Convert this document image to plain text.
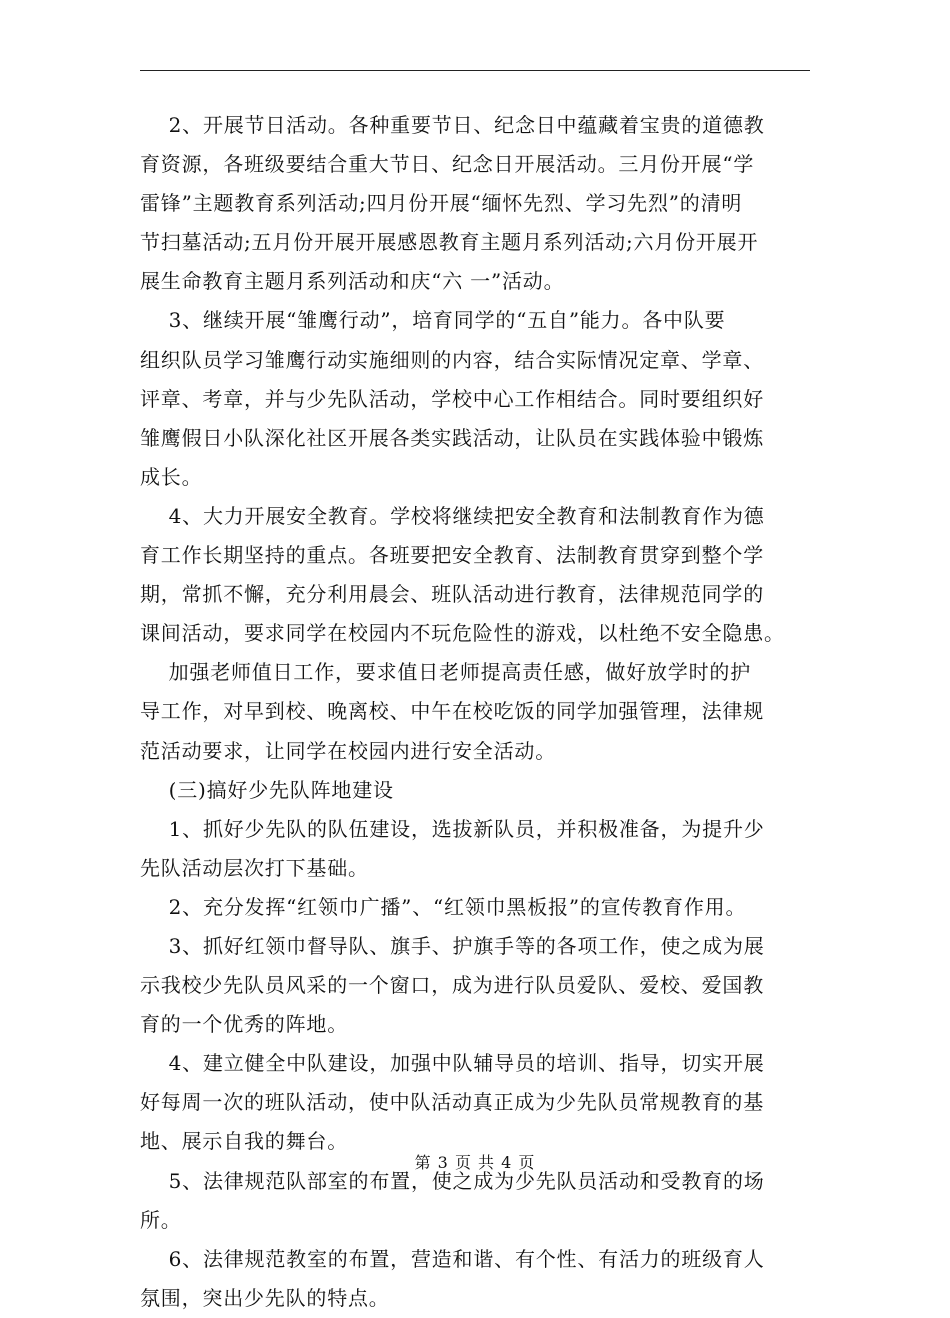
2、开展节日活动。各种重要节日、纪念日中蕴藏着宝贵的道德教
育资源，各班级要结合重大节日、纪念日开展活动。三月份开展“学
雷锋”主题教育系列活动;四月份开展“缅怀先烈、学习先烈”的清明
节扫墓活动;五月份开展开展感恩教育主题月系列活动;六月份开展开
展生命教育主题月系列活动和庆“六 一”活动。
3、继续开展“雏鹰行动”，培育同学的“五自”能力。各中队要
组织队员学习雏鹰行动实施细则的内容，结合实际情况定章、学章、
评章、考章，并与少先队活动，学校中心工作相结合。同时要组织好
雏鹰假日小队深化社区开展各类实践活动，让队员在实践体验中锻炼
成长。
4、大力开展安全教育。学校将继续把安全教育和法制教育作为德
育工作长期坚持的重点。各班要把安全教育、法制教育贯穿到整个学
期，常抓不懈，充分利用晨会、班队活动进行教育，法律规范同学的
课间活动，要求同学在校园内不玩危险性的游戏，以杜绝不安全隐患。
加强老师值日工作，要求值日老师提高责任感，做好放学时的护
导工作，对早到校、晚离校、中午在校吃饭的同学加强管理，法律规
范活动要求，让同学在校园内进行安全活动。
(三)搞好少先队阵地建设
1、抓好少先队的队伍建设，选拔新队员，并积极准备，为提升少
先队活动层次打下基础。
2、充分发挥“红领巾广播”、“红领巾黑板报”的宣传教育作用。
3、抓好红领巾督导队、旗手、护旗手等的各项工作，使之成为展
示我校少先队员风采的一个窗口，成为进行队员爱队、爱校、爱国教
育的一个优秀的阵地。
4、建立健全中队建设，加强中队辅导员的培训、指导，切实开展
好每周一次的班队活动，使中队活动真正成为少先队员常规教育的基
地、展示自我的舞台。
5、法律规范队部室的布置，使之成为少先队员活动和受教育的场
所。
6、法律规范教室的布置，营造和谐、有个性、有活力的班级育人
氛围，突出少先队的特点。
第 3 页 共 4 页
